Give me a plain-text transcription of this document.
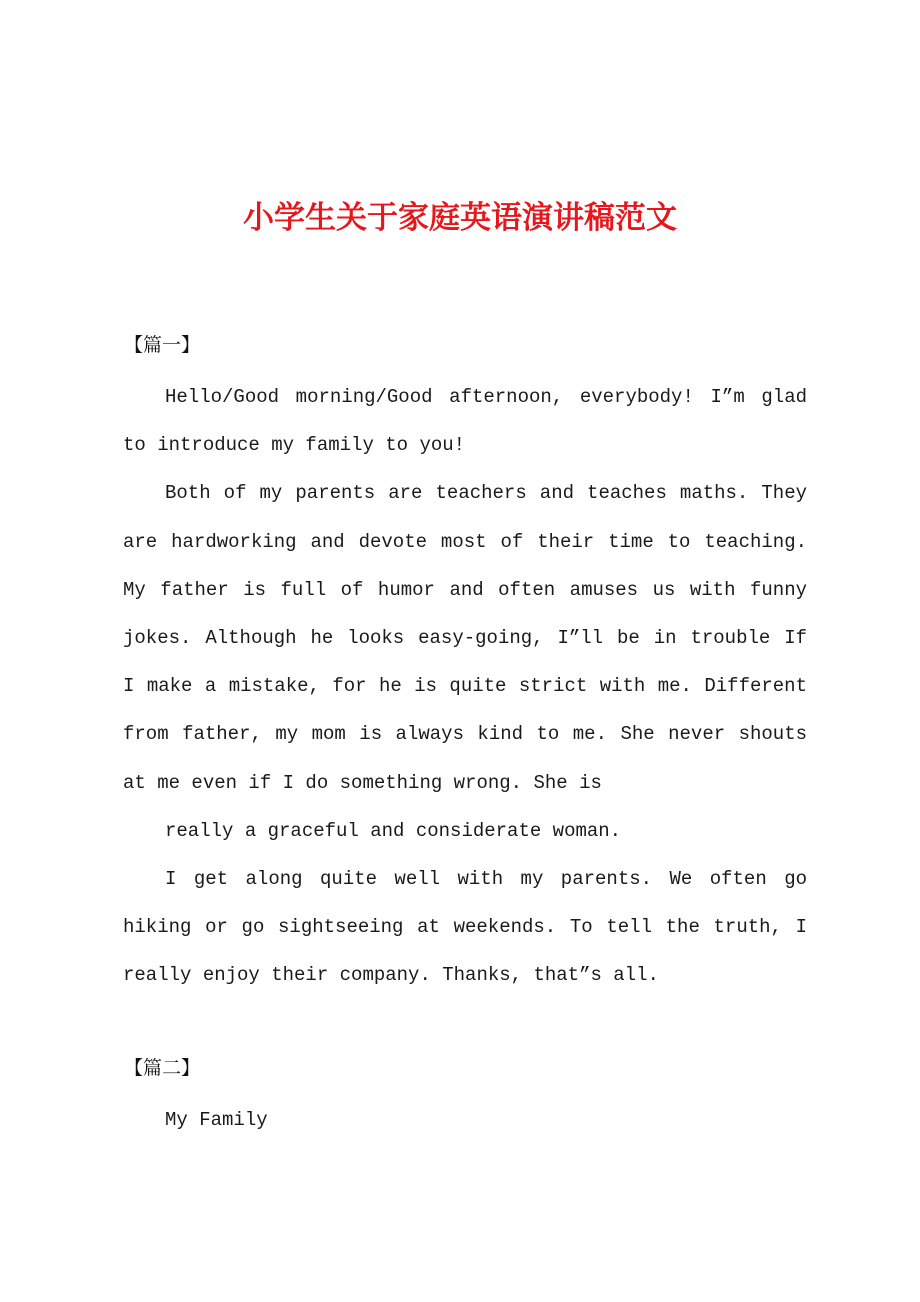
小学生关于家庭英语演讲稿范文
【篇一】

Hello/Good morning/Good afternoon, everybody! I”m glad to introduce my family to you!

Both of my parents are teachers and teaches maths. They are hardworking and devote most of their time to teaching. My father is full of humor and often amuses us with funny jokes. Although he looks easy-going, I”ll be in trouble If I make a mistake, for he is quite strict with me. Different from father, my mom is always kind to me. She never shouts at me even if I do something wrong. She is

really a graceful and considerate woman.

I get along quite well with my parents. We often go hiking or go sightseeing at weekends. To tell the truth, I really enjoy their company. Thanks, that”s all.

【篇二】

My Family
